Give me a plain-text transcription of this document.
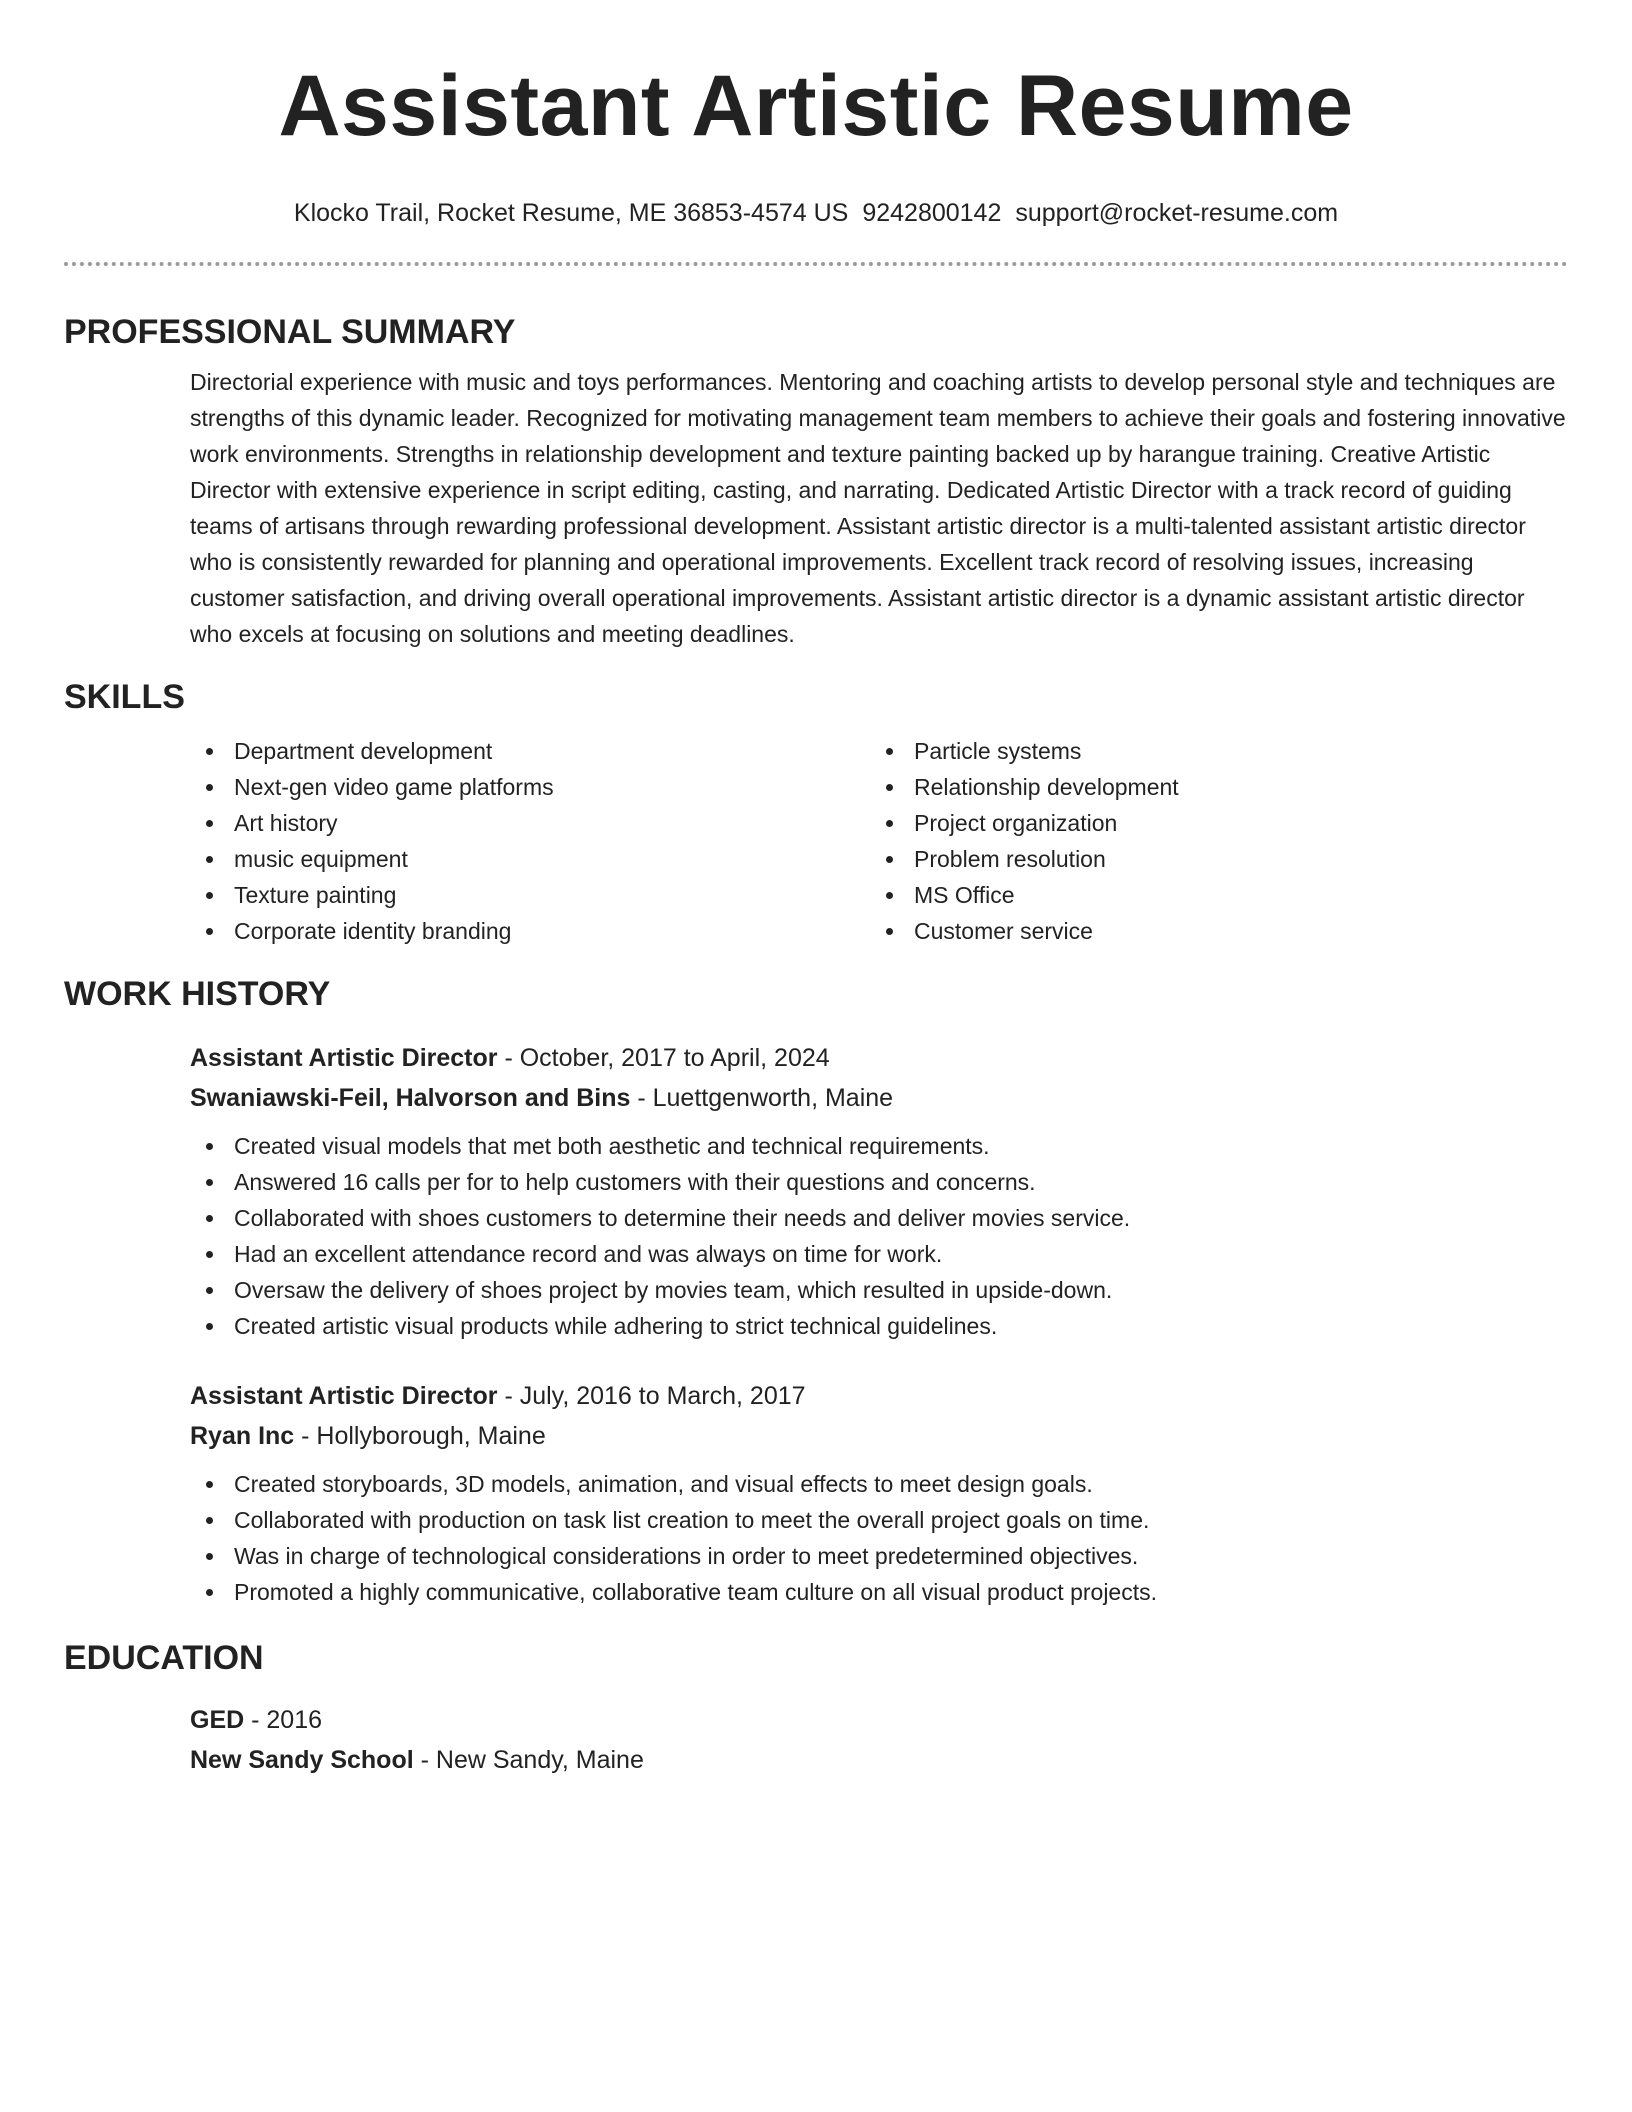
Assistant Artistic Resume
Klocko Trail, Rocket Resume, ME 36853-4574 US 9242800142 support@rocket-resume.com
PROFESSIONAL SUMMARY

Directorial experience with music and toys performances. Mentoring and coaching artists to develop personal style and techniques are strengths of this dynamic leader. Recognized for motivating management team members to achieve their goals and fostering innovative work environments. Strengths in relationship development and texture painting backed up by harangue training. Creative Artistic Director with extensive experience in script editing, casting, and narrating. Dedicated Artistic Director with a track record of guiding teams of artisans through rewarding professional development. Assistant artistic director is a multi-talented assistant artistic director who is consistently rewarded for planning and operational improvements. Excellent track record of resolving issues, increasing customer satisfaction, and driving overall operational improvements. Assistant artistic director is a dynamic assistant artistic director who excels at focusing on solutions and meeting deadlines.

SKILLS
Department development
Next-gen video game platforms
Art history
music equipment
Texture painting
Corporate identity branding
Particle systems
Relationship development
Project organization
Problem resolution
MS Office
Customer service
WORK HISTORY
Assistant Artistic Director - October, 2017 to April, 2024
Swaniawski-Feil, Halvorson and Bins - Luettgenworth, Maine
Created visual models that met both aesthetic and technical requirements.
Answered 16 calls per for to help customers with their questions and concerns.
Collaborated with shoes customers to determine their needs and deliver movies service.
Had an excellent attendance record and was always on time for work.
Oversaw the delivery of shoes project by movies team, which resulted in upside-down.
Created artistic visual products while adhering to strict technical guidelines.
Assistant Artistic Director - July, 2016 to March, 2017
Ryan Inc - Hollyborough, Maine
Created storyboards, 3D models, animation, and visual effects to meet design goals.
Collaborated with production on task list creation to meet the overall project goals on time.
Was in charge of technological considerations in order to meet predetermined objectives.
Promoted a highly communicative, collaborative team culture on all visual product projects.
EDUCATION
GED - 2016
New Sandy School - New Sandy, Maine
